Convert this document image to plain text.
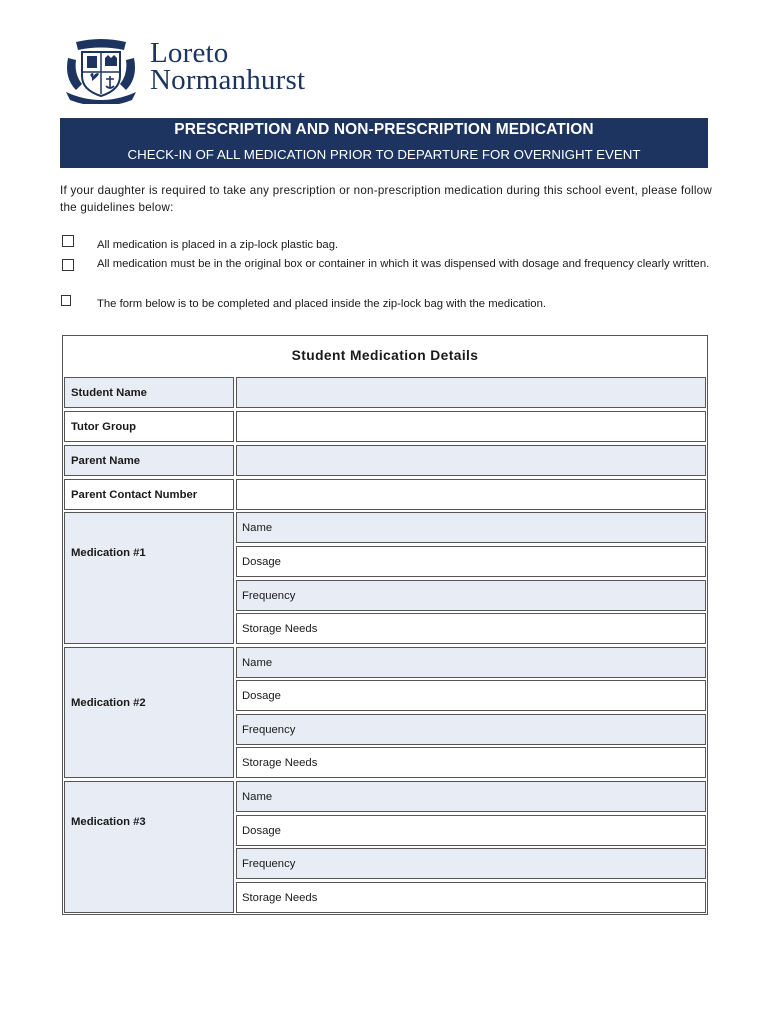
Loreto
Normanhurst
PRESCRIPTION AND NON-PRESCRIPTION MEDICATION
CHECK-IN OF ALL MEDICATION PRIOR TO DEPARTURE FOR OVERNIGHT EVENT
If your daughter is required to take any prescription or non-prescription medication during this school event, please follow the guidelines below:
All medication is placed in a zip-lock plastic bag.
All medication must be in the original box or container in which it was dispensed with dosage and frequency clearly written.
The form below is to be completed and placed inside the zip-lock bag with the medication.
Student Medication Details
Student Name
Tutor Group
Parent Name
Parent Contact Number
Medication #1
Name
Dosage
Frequency
Storage Needs
Medication #2
Name
Dosage
Frequency
Storage Needs
Medication #3
Name
Dosage
Frequency
Storage Needs
